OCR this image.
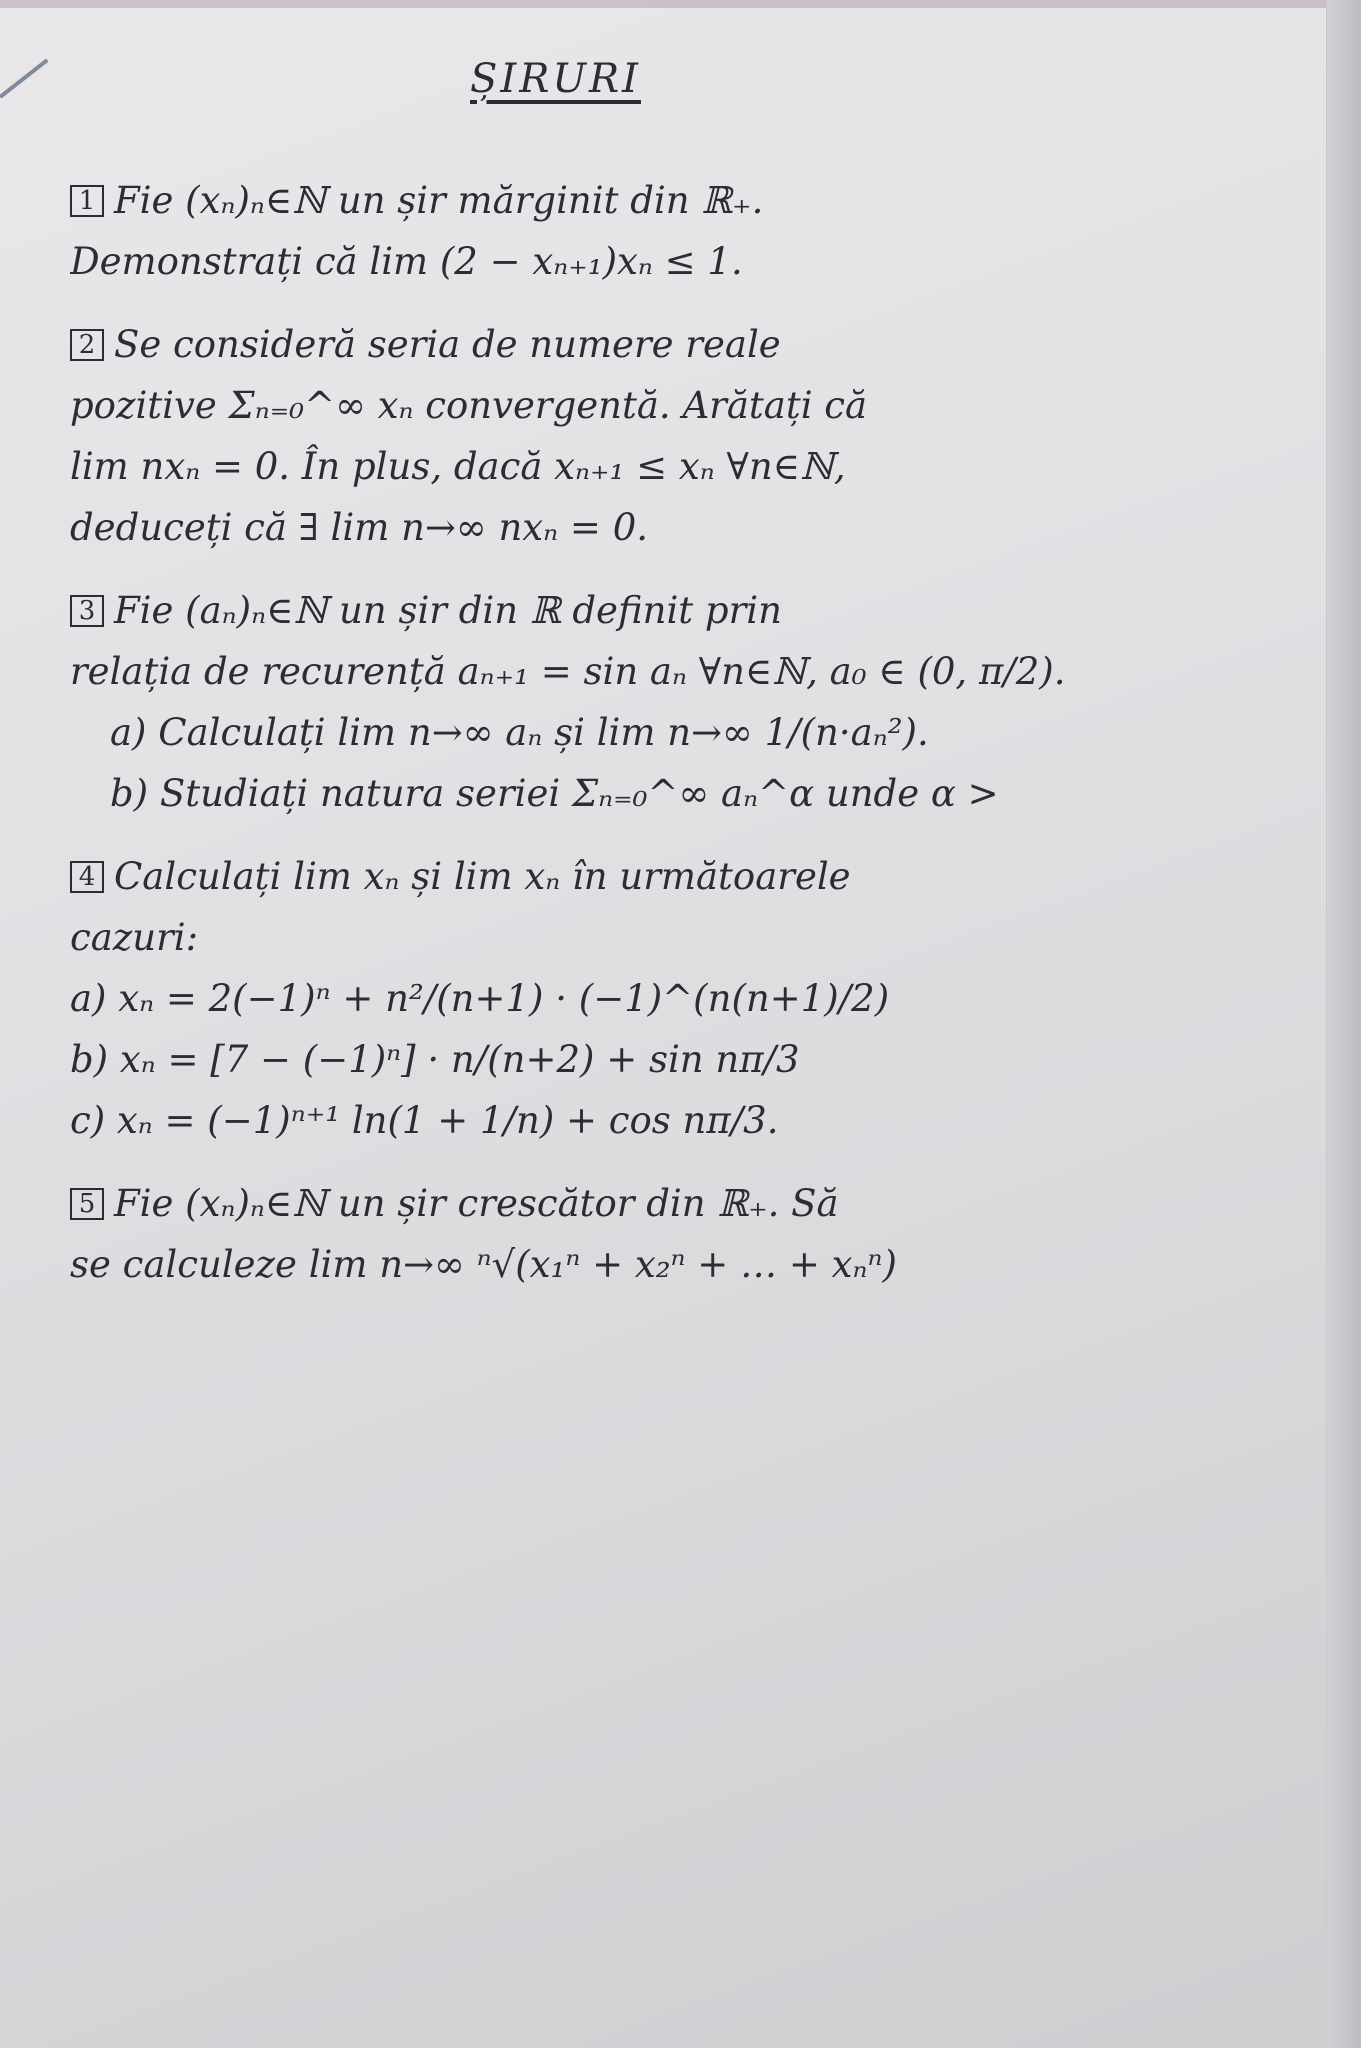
ȘIRURI
1 Fie (xₙ)ₙ∈ℕ un șir mărginit din ℝ₊.
Demonstrați că lim (2 − xₙ₊₁)xₙ ≤ 1.
2 Se consideră seria de numere reale
pozitive Σₙ₌₀^∞ xₙ convergentă. Arătați că
lim nxₙ = 0. În plus, dacă xₙ₊₁ ≤ xₙ ∀n∈ℕ,
deduceți că ∃ lim n→∞ nxₙ = 0.
3 Fie (aₙ)ₙ∈ℕ un șir din ℝ definit prin
relația de recurență aₙ₊₁ = sin aₙ ∀n∈ℕ, a₀ ∈ (0, π/2).
a) Calculați lim n→∞ aₙ și lim n→∞ 1/(n·aₙ²).
b) Studiați natura seriei Σₙ₌₀^∞ aₙ^α unde α >
4 Calculați lim xₙ și lim xₙ în următoarele
cazuri:
a) xₙ = 2(−1)ⁿ + n²/(n+1) · (−1)^(n(n+1)/2)
b) xₙ = [7 − (−1)ⁿ] · n/(n+2) + sin nπ/3
c) xₙ = (−1)ⁿ⁺¹ ln(1 + 1/n) + cos nπ/3.
5 Fie (xₙ)ₙ∈ℕ un șir crescător din ℝ₊. Să
se calculeze lim n→∞ ⁿ√(x₁ⁿ + x₂ⁿ + … + xₙⁿ)
